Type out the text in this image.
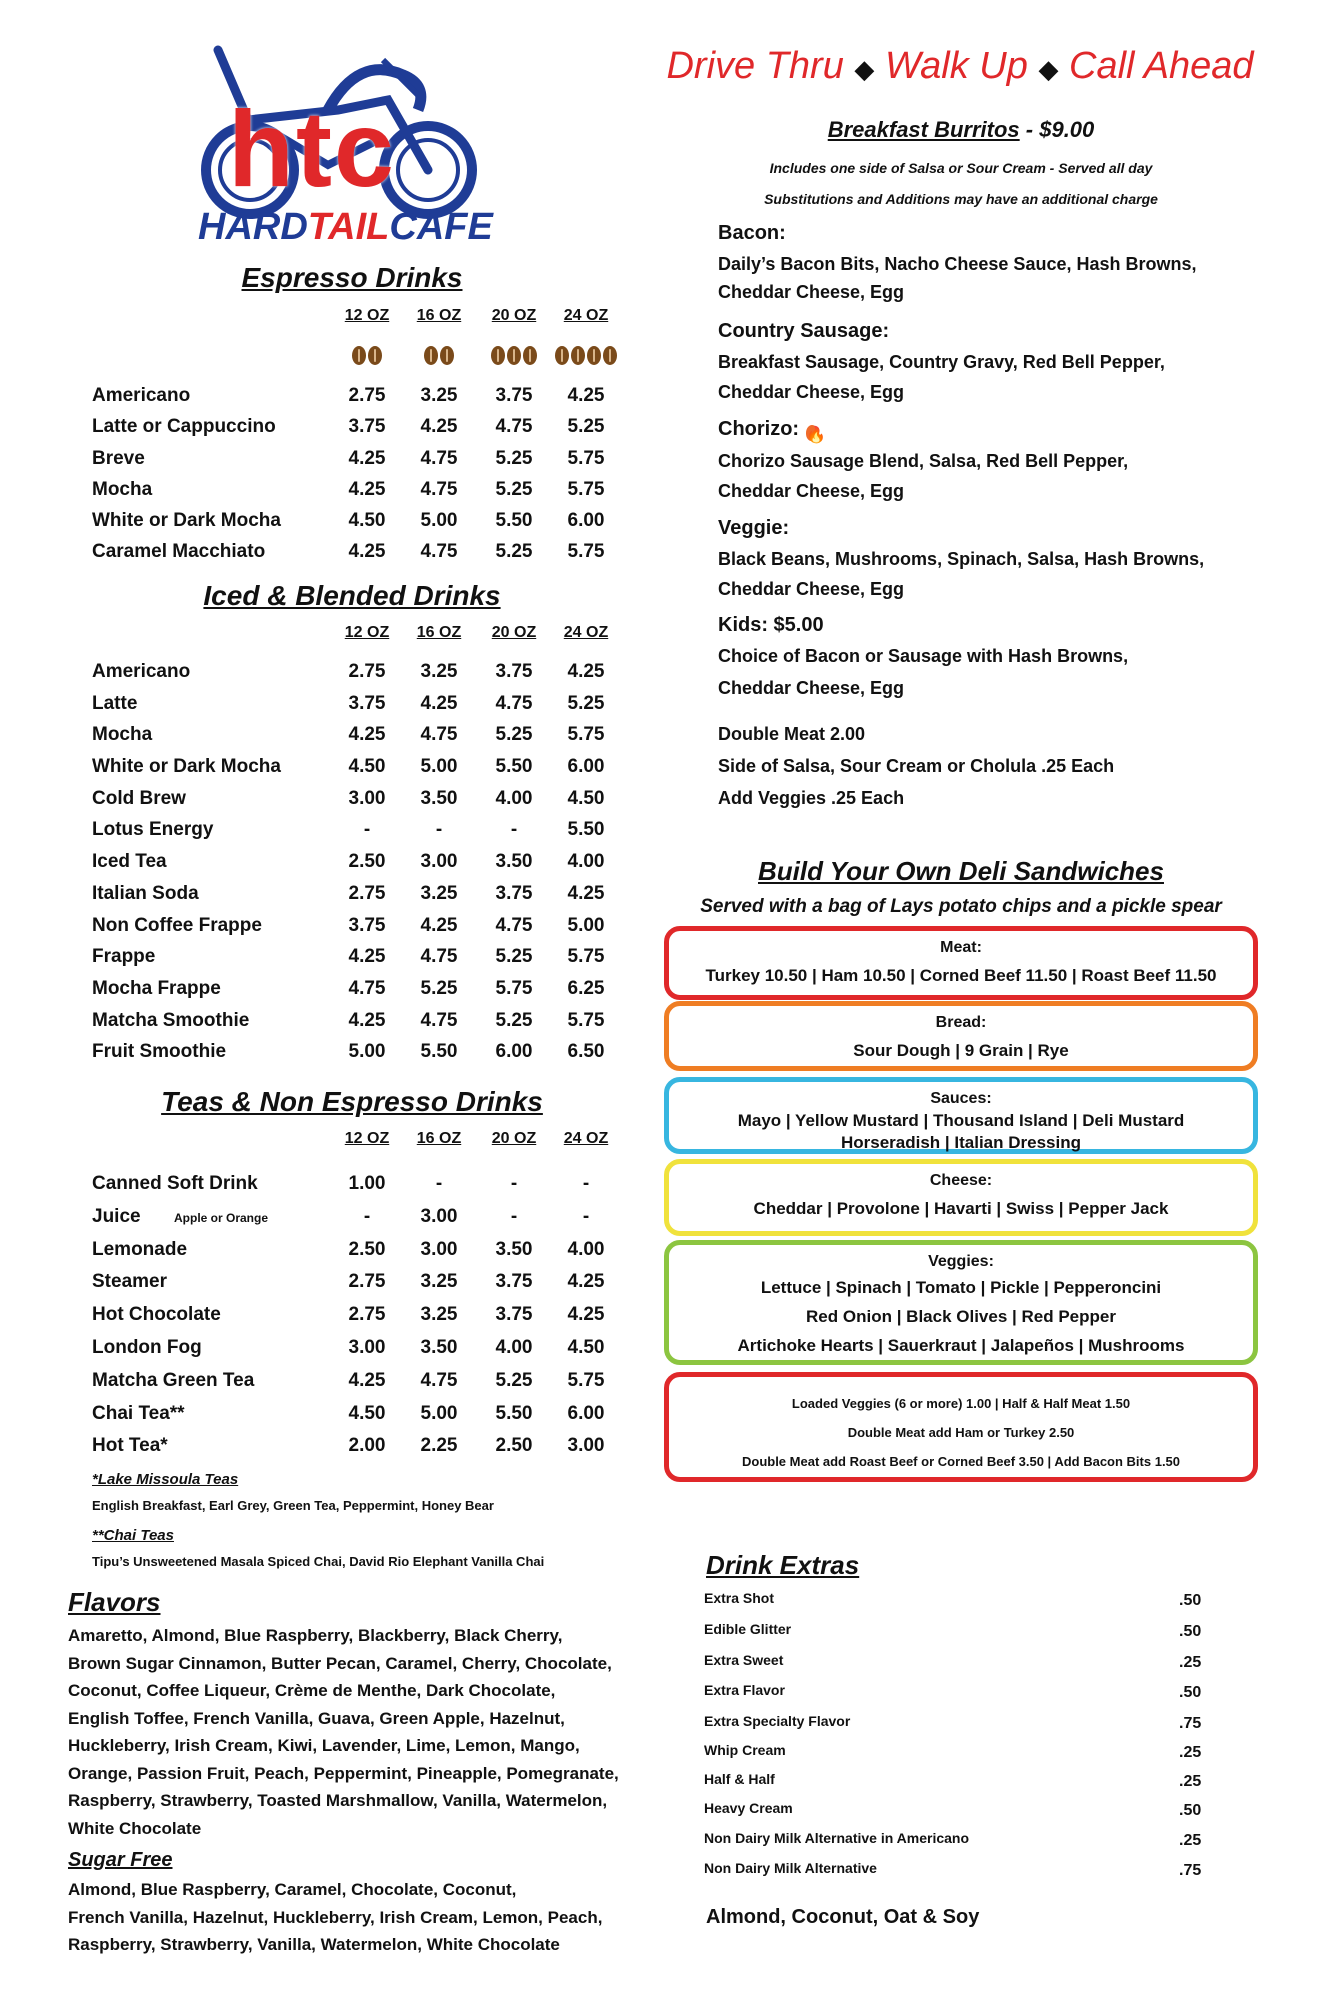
htc
HARDTAILCAFE
Drive Thru ◆ Walk Up ◆ Call Ahead
Espresso Drinks
12 OZ	16 OZ	20 OZ	24 OZ
Americano	2.75	3.25	3.75	4.25
Latte or Cappuccino	3.75	4.25	4.75	5.25
Breve	4.25	4.75	5.25	5.75
Mocha	4.25	4.75	5.25	5.75
White or Dark Mocha	4.50	5.00	5.50	6.00
Caramel Macchiato	4.25	4.75	5.25	5.75
Iced & Blended Drinks
12 OZ	16 OZ	20 OZ	24 OZ
Americano	2.75	3.25	3.75	4.25
Latte	3.75	4.25	4.75	5.25
Mocha	4.25	4.75	5.25	5.75
White or Dark Mocha	4.50	5.00	5.50	6.00
Cold Brew	3.00	3.50	4.00	4.50
Lotus Energy	-	-	-	5.50
Iced Tea	2.50	3.00	3.50	4.00
Italian Soda	2.75	3.25	3.75	4.25
Non Coffee Frappe	3.75	4.25	4.75	5.00
Frappe	4.25	4.75	5.25	5.75
Mocha Frappe	4.75	5.25	5.75	6.25
Matcha Smoothie	4.25	4.75	5.25	5.75
Fruit Smoothie	5.00	5.50	6.00	6.50
Teas & Non Espresso Drinks
12 OZ	16 OZ	20 OZ	24 OZ
Canned Soft Drink	1.00	-	-	-
Juice	Apple or Orange	-	3.00	-	-
Lemonade	2.50	3.00	3.50	4.00
Steamer	2.75	3.25	3.75	4.25
Hot Chocolate	2.75	3.25	3.75	4.25
London Fog	3.00	3.50	4.00	4.50
Matcha Green Tea	4.25	4.75	5.25	5.75
Chai Tea**	4.50	5.00	5.50	6.00
Hot Tea*	2.00	2.25	2.50	3.00
*Lake Missoula Teas
English Breakfast, Earl Grey, Green Tea, Peppermint, Honey Bear
**Chai Teas
Tipu’s Unsweetened Masala Spiced Chai, David Rio Elephant Vanilla Chai
Flavors
Amaretto, Almond, Blue Raspberry, Blackberry, Black Cherry,
Brown Sugar Cinnamon, Butter Pecan, Caramel, Cherry, Chocolate,
Coconut, Coffee Liqueur, Crème de Menthe, Dark Chocolate,
English Toffee, French Vanilla, Guava, Green Apple, Hazelnut,
Huckleberry, Irish Cream, Kiwi, Lavender, Lime, Lemon, Mango,
Orange, Passion Fruit, Peach, Peppermint, Pineapple, Pomegranate,
Raspberry, Strawberry, Toasted Marshmallow, Vanilla, Watermelon,
White Chocolate
Sugar Free
Almond, Blue Raspberry, Caramel, Chocolate, Coconut,
French Vanilla, Hazelnut, Huckleberry, Irish Cream, Lemon, Peach,
Raspberry, Strawberry, Vanilla, Watermelon, White Chocolate
Breakfast Burritos - $9.00
Includes one side of Salsa or Sour Cream - Served all day
Substitutions and Additions may have an additional charge
Bacon:
Daily’s Bacon Bits, Nacho Cheese Sauce, Hash Browns,
Cheddar Cheese, Egg
Country Sausage:
Breakfast Sausage, Country Gravy, Red Bell Pepper,
Cheddar Cheese, Egg
Chorizo: 🔥
Chorizo Sausage Blend, Salsa, Red Bell Pepper,
Cheddar Cheese, Egg
Veggie:
Black Beans, Mushrooms, Spinach, Salsa, Hash Browns,
Cheddar Cheese, Egg
Kids: $5.00
Choice of Bacon or Sausage with Hash Browns,
Cheddar Cheese, Egg
Double Meat 2.00
Side of Salsa, Sour Cream or Cholula .25 Each
Add Veggies .25 Each
Build Your Own Deli Sandwiches
Served with a bag of Lays potato chips and a pickle spear
Meat:
Turkey 10.50 | Ham 10.50 | Corned Beef 11.50 | Roast Beef 11.50
Bread:
Sour Dough | 9 Grain | Rye
Sauces:
Mayo | Yellow Mustard | Thousand Island | Deli Mustard
Horseradish | Italian Dressing
Cheese:
Cheddar | Provolone | Havarti | Swiss | Pepper Jack
Veggies:
Lettuce | Spinach | Tomato | Pickle | Pepperoncini
Red Onion | Black Olives | Red Pepper
Artichoke Hearts | Sauerkraut | Jalapeños | Mushrooms
Loaded Veggies (6 or more) 1.00 | Half & Half Meat 1.50
Double Meat add Ham or Turkey 2.50
Double Meat add Roast Beef or Corned Beef 3.50 | Add Bacon Bits 1.50
Drink Extras
Extra Shot	.50
Edible Glitter	.50
Extra Sweet	.25
Extra Flavor	.50
Extra Specialty Flavor	.75
Whip Cream	.25
Half & Half	.25
Heavy Cream	.50
Non Dairy Milk Alternative in Americano	.25
Non Dairy Milk Alternative	.75
Almond, Coconut, Oat & Soy
